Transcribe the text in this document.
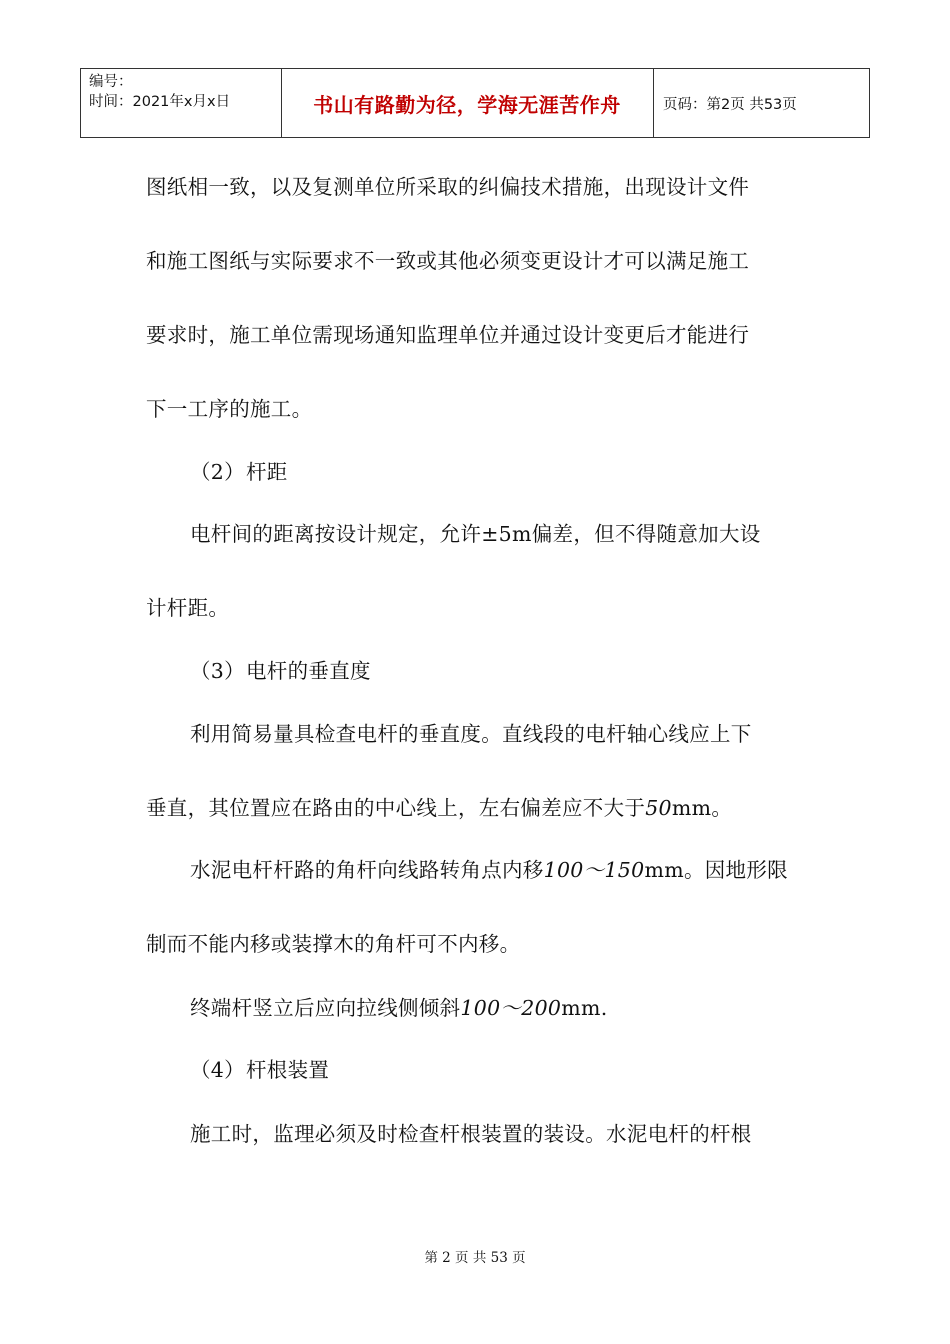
编号：
时间：2021年x月x日	书山有路勤为径，学海无涯苦作舟	页码：第2页 共53页
图纸相一致，以及复测单位所采取的纠偏技术措施，出现设计文件
和施工图纸与实际要求不一致或其他必须变更设计才可以满足施工
要求时，施工单位需现场通知监理单位并通过设计变更后才能进行
下一工序的施工。
（2）杆距
电杆间的距离按设计规定，允许±5m偏差，但不得随意加大设
计杆距。
（3）电杆的垂直度
利用简易量具检查电杆的垂直度。直线段的电杆轴心线应上下
垂直，其位置应在路由的中心线上，左右偏差应不大于50mm。
水泥电杆杆路的角杆向线路转角点内移100～150mm。因地形限
制而不能内移或装撑木的角杆可不内移。
终端杆竖立后应向拉线侧倾斜100～200mm.
（4）杆根装置
施工时，监理必须及时检查杆根装置的装设。水泥电杆的杆根
第 2 页 共 53 页
